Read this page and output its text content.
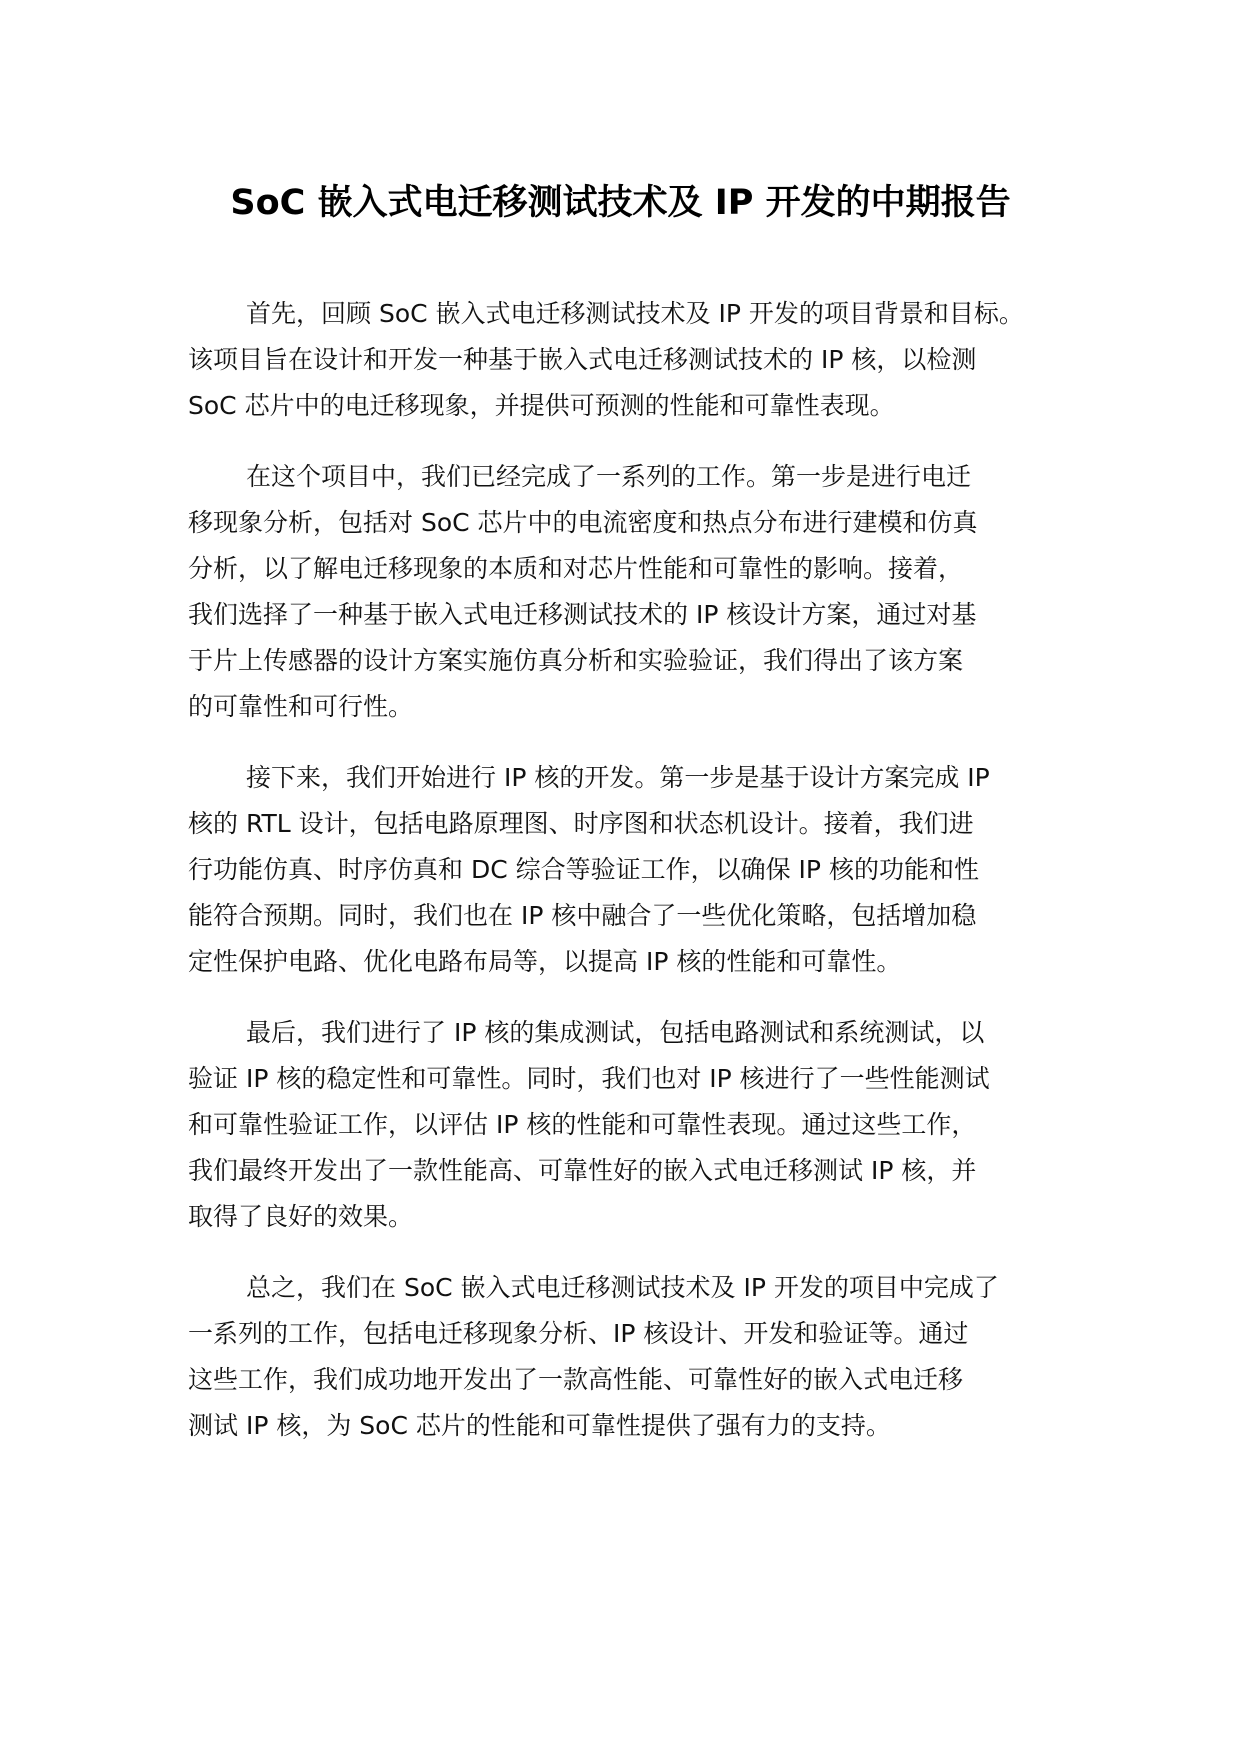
SoC 嵌入式电迁移测试技术及 IP 开发的中期报告

首先，回顾 SoC 嵌入式电迁移测试技术及 IP 开发的项目背景和目标。
该项目旨在设计和开发一种基于嵌入式电迁移测试技术的 IP 核，以检测
SoC 芯片中的电迁移现象，并提供可预测的性能和可靠性表现。

在这个项目中，我们已经完成了一系列的工作。第一步是进行电迁
移现象分析，包括对 SoC 芯片中的电流密度和热点分布进行建模和仿真
分析，以了解电迁移现象的本质和对芯片性能和可靠性的影响。接着，
我们选择了一种基于嵌入式电迁移测试技术的 IP 核设计方案，通过对基
于片上传感器的设计方案实施仿真分析和实验验证，我们得出了该方案
的可靠性和可行性。

接下来，我们开始进行 IP 核的开发。第一步是基于设计方案完成 IP
核的 RTL 设计，包括电路原理图、时序图和状态机设计。接着，我们进
行功能仿真、时序仿真和 DC 综合等验证工作，以确保 IP 核的功能和性
能符合预期。同时，我们也在 IP 核中融合了一些优化策略，包括增加稳
定性保护电路、优化电路布局等，以提高 IP 核的性能和可靠性。

最后，我们进行了 IP 核的集成测试，包括电路测试和系统测试，以
验证 IP 核的稳定性和可靠性。同时，我们也对 IP 核进行了一些性能测试
和可靠性验证工作，以评估 IP 核的性能和可靠性表现。通过这些工作，
我们最终开发出了一款性能高、可靠性好的嵌入式电迁移测试 IP 核，并
取得了良好的效果。

总之，我们在 SoC 嵌入式电迁移测试技术及 IP 开发的项目中完成了
一系列的工作，包括电迁移现象分析、IP 核设计、开发和验证等。通过
这些工作，我们成功地开发出了一款高性能、可靠性好的嵌入式电迁移
测试 IP 核，为 SoC 芯片的性能和可靠性提供了强有力的支持。
